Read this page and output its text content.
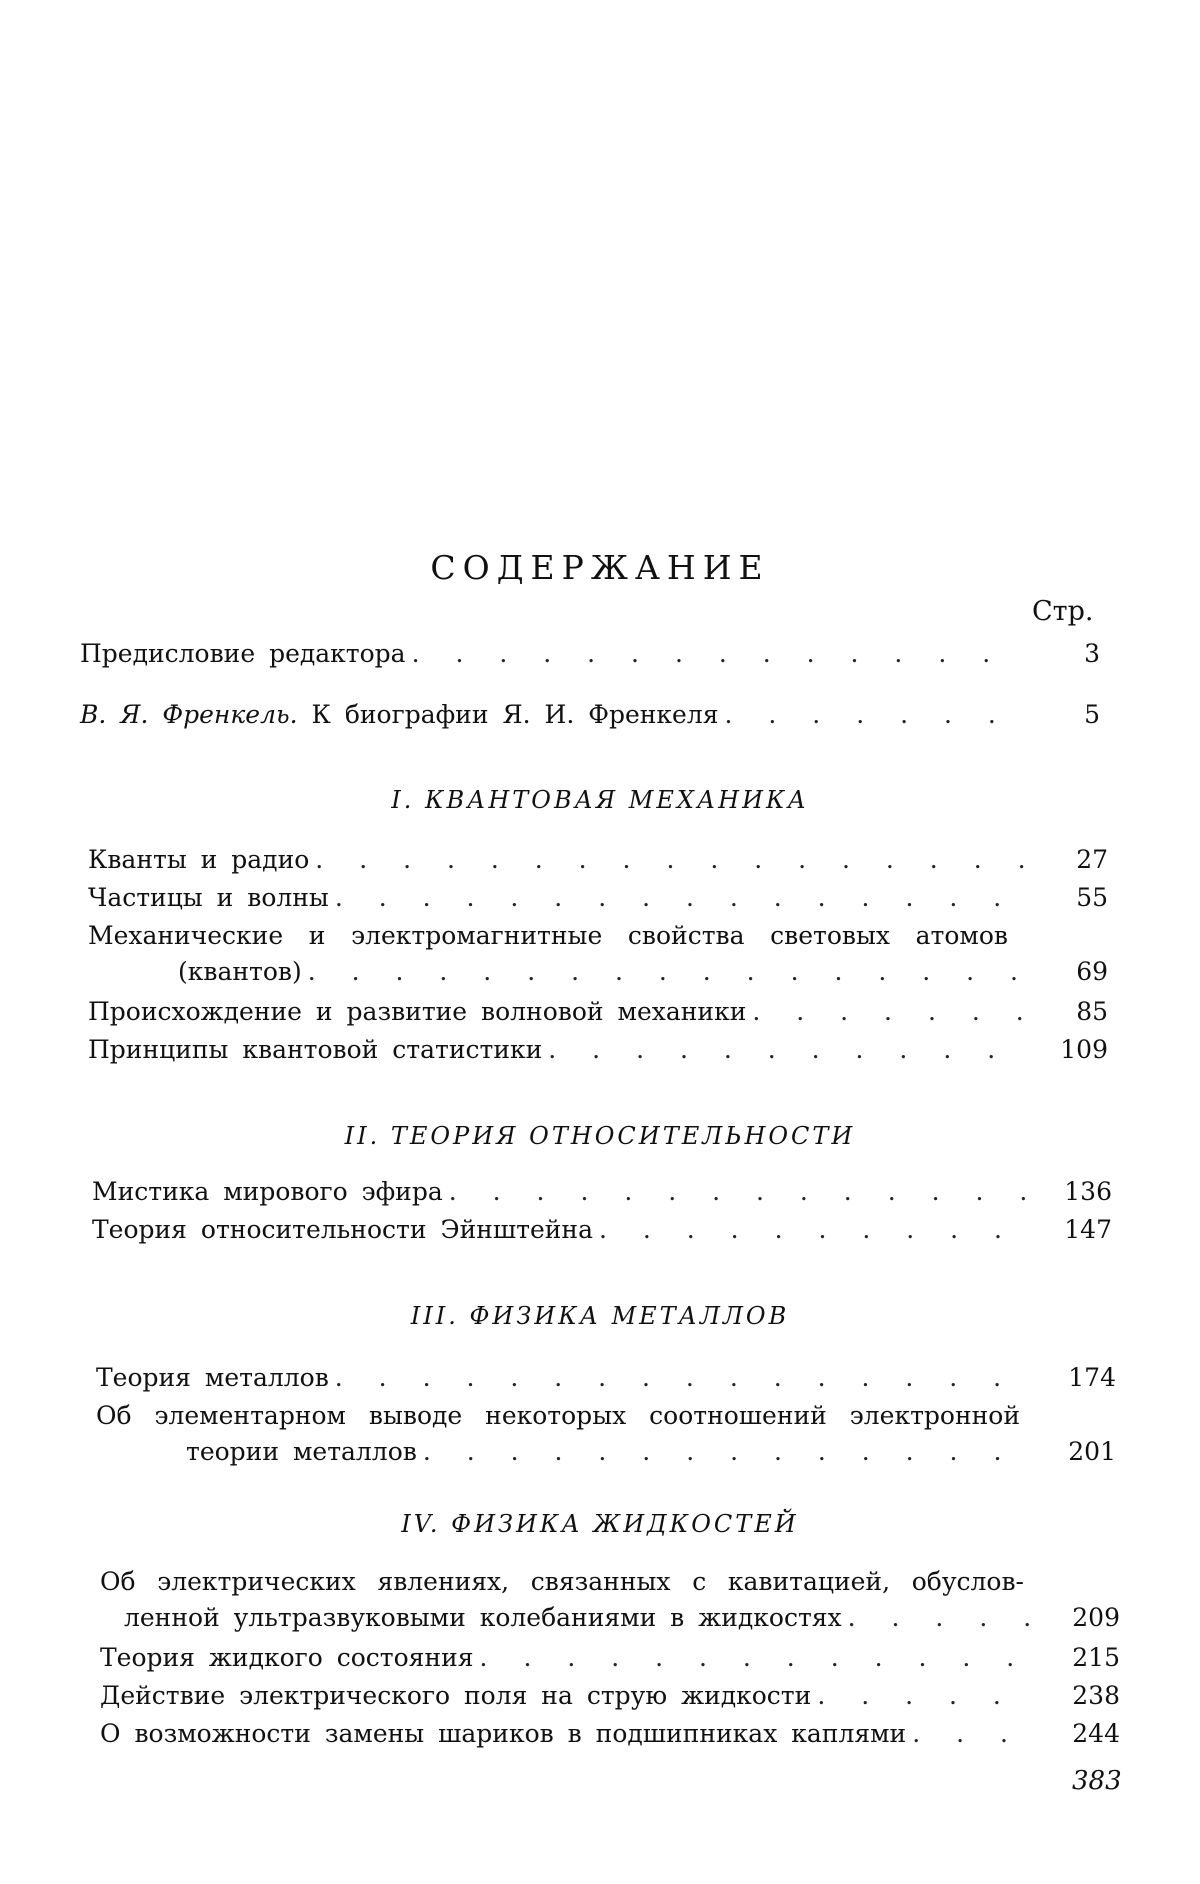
СОДЕРЖАНИЕ
Стр.
Предисловие редактора . . .	3
В. Я. Френкель. К биографии Я. И. Френкеля . . .	5
I. КВАНТОВАЯ МЕХАНИКА
Кванты и радио . . .	27
Частицы и волны . . .	55
Механические и электромагнитные свойства световых атомов
(квантов) . . .	69
Происхождение и развитие волновой механики . . .	85
Принципы квантовой статистики . . .	109
II. ТЕОРИЯ ОТНОСИТЕЛЬНОСТИ
Мистика мирового эфира . . .	136
Теория относительности Эйнштейна . . .	147
III. ФИЗИКА МЕТАЛЛОВ
Теория металлов . . .	174
Об элементарном выводе некоторых соотношений электронной
теории металлов . . .	201
IV. ФИЗИКА ЖИДКОСТЕЙ
Об электрических явлениях, связанных с кавитацией, обуслов-
ленной ультразвуковыми колебаниями в жидкостях . . .	209
Теория жидкого состояния . . .	215
Действие электрического поля на струю жидкости . . .	238
О возможности замены шариков в подшипниках каплями . . .	244
383
